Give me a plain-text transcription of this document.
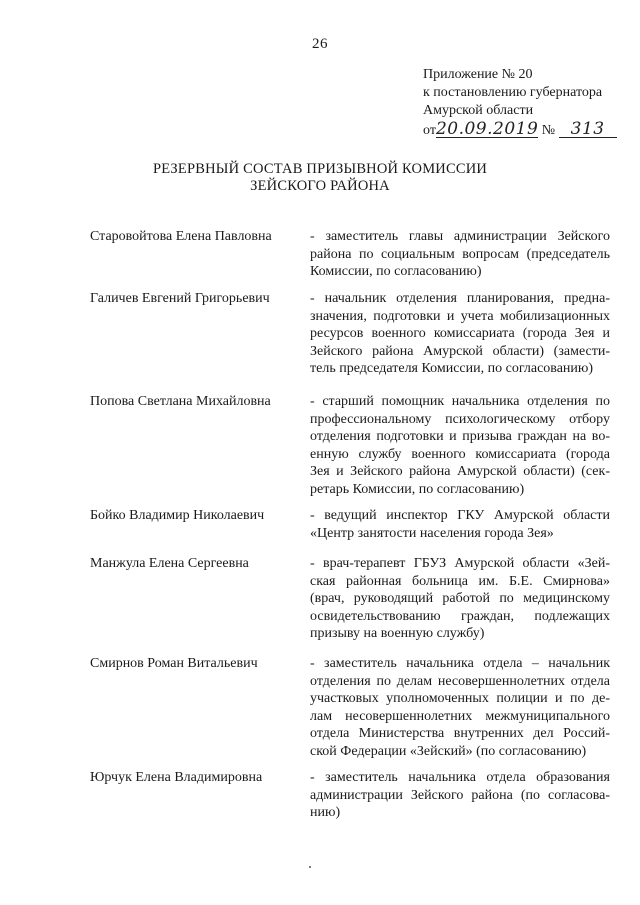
26
Приложение № 20
к постановлению губернатора
Амурской области
от20.09.2019 № 313
РЕЗЕРВНЫЙ СОСТАВ ПРИЗЫВНОЙ КОМИССИИ
ЗЕЙСКОГО РАЙОНА
Старовойтова Елена Павловна	- заместитель главы администрации Зейского
района по социальным вопросам (председатель
Комиссии, по согласованию)
Галичев Евгений Григорьевич	- начальник отделения планирования, предна-
значения, подготовки и учета мобилизационных
ресурсов военного комиссариата (города Зея и
Зейского района Амурской области) (замести-
тель председателя Комиссии, по согласованию)
Попова Светлана Михайловна	- старший помощник начальника отделения по
профессиональному психологическому отбору
отделения подготовки и призыва граждан на во-
енную службу военного комиссариата (города
Зея и Зейского района Амурской области) (сек-
ретарь Комиссии, по согласованию)
Бойко Владимир Николаевич	- ведущий инспектор ГКУ Амурской области
«Центр занятости населения города Зея»
Манжула Елена Сергеевна	- врач-терапевт ГБУЗ Амурской области «Зей-
ская районная больница им. Б.Е. Смирнова»
(врач, руководящий работой по медицинскому
освидетельствованию граждан, подлежащих
призыву на военную службу)
Смирнов Роман Витальевич	- заместитель начальника отдела – начальник
отделения по делам несовершеннолетних отдела
участковых уполномоченных полиции и по де-
лам несовершеннолетних межмуниципального
отдела Министерства внутренних дел Россий-
ской Федерации «Зейский» (по согласованию)
Юрчук Елена Владимировна	- заместитель начальника отдела образования
администрации Зейского района (по согласова-
нию)
